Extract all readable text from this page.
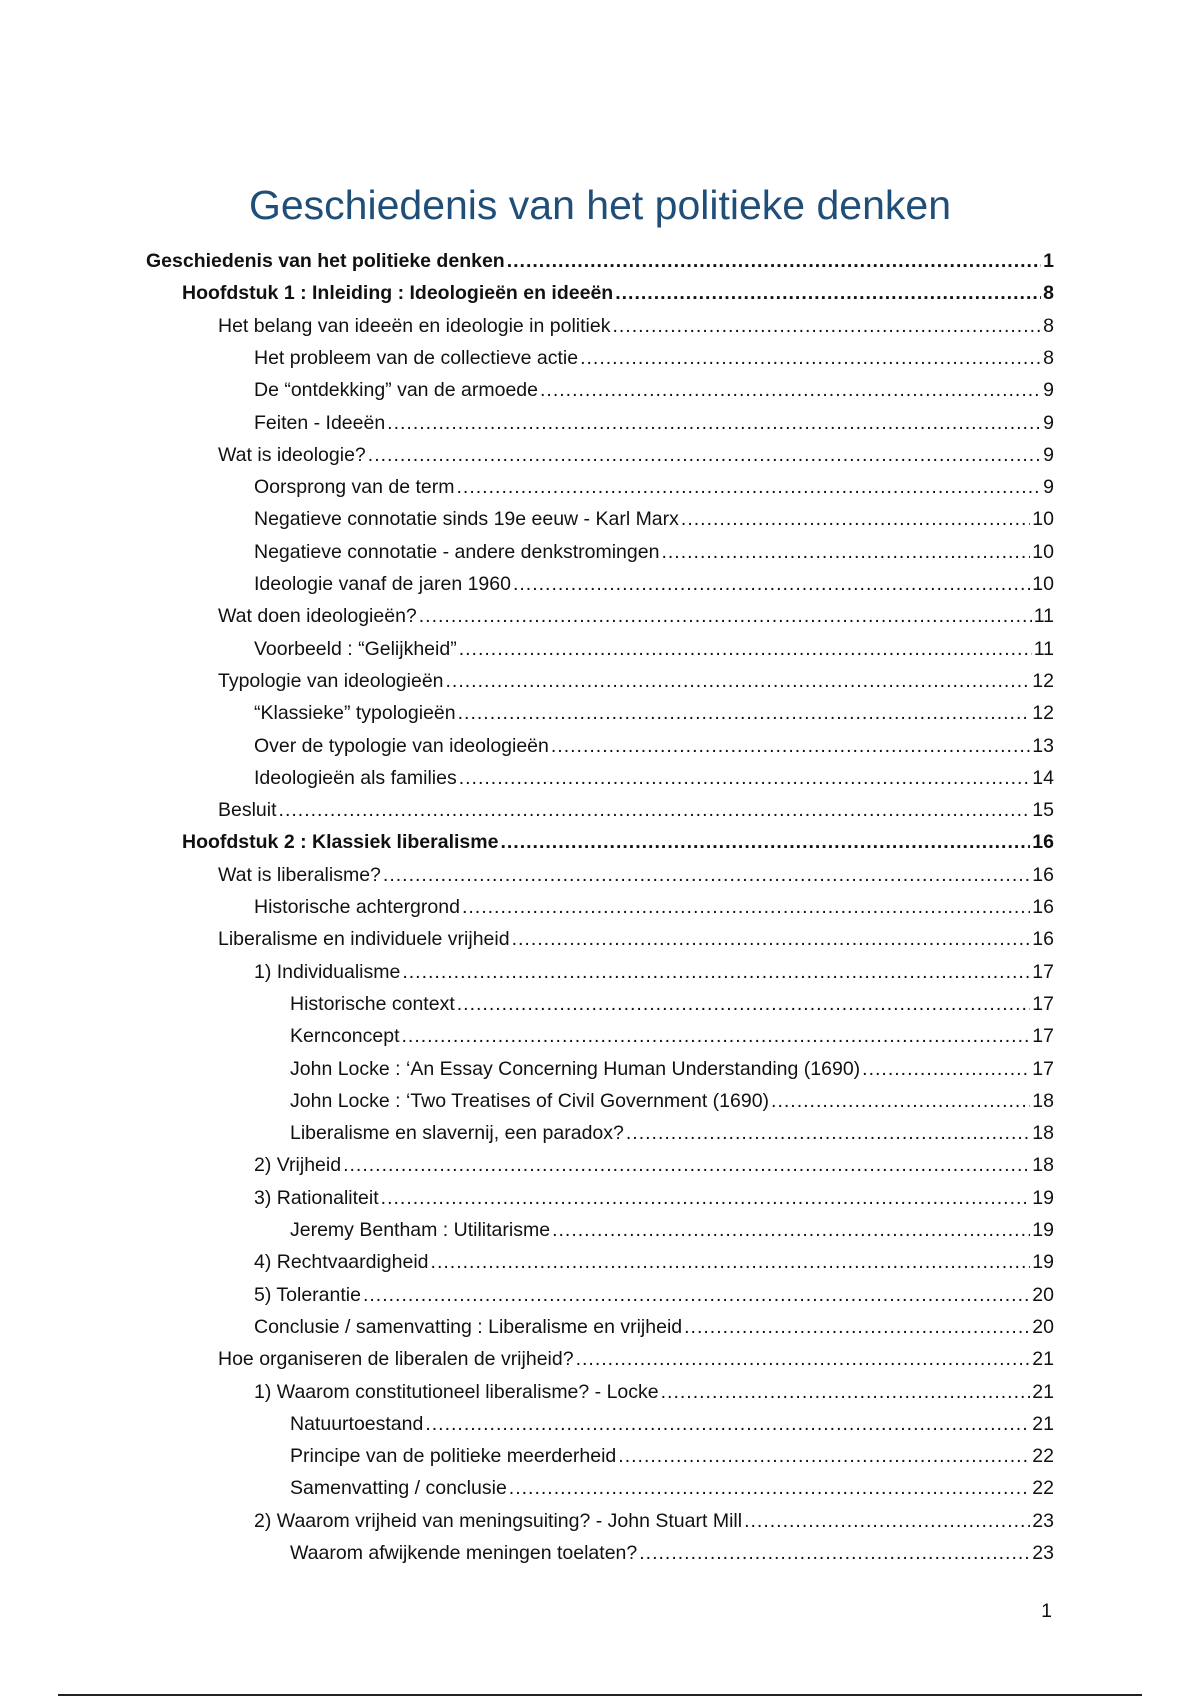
Geschiedenis van het politieke denken
Geschiedenis van het politieke denken .....	1
Hoofdstuk 1 : Inleiding : Ideologieën en ideeën .....	8
Het belang van ideeën en ideologie in politiek .....	8
Het probleem van de collectieve actie .....	8
De “ontdekking” van de armoede .....	9
Feiten - Ideeën .....	9
Wat is ideologie? .....	9
Oorsprong van de term .....	9
Negatieve connotatie sinds 19e eeuw - Karl Marx .....	10
Negatieve connotatie - andere denkstromingen .....	10
Ideologie vanaf de jaren 1960 .....	10
Wat doen ideologieën? .....	11
Voorbeeld : “Gelijkheid” .....	11
Typologie van ideologieën .....	12
“Klassieke” typologieën .....	12
Over de typologie van ideologieën .....	13
Ideologieën als families .....	14
Besluit .....	15
Hoofdstuk 2 : Klassiek liberalisme .....	16
Wat is liberalisme? .....	16
Historische achtergrond .....	16
Liberalisme en individuele vrijheid .....	16
1) Individualisme .....	17
Historische context .....	17
Kernconcept .....	17
John Locke : ‘An Essay Concerning Human Understanding (1690) .....	17
John Locke : ‘Two Treatises of Civil Government (1690) .....	18
Liberalisme en slavernij, een paradox? .....	18
2) Vrijheid .....	18
3) Rationaliteit .....	19
Jeremy Bentham : Utilitarisme .....	19
4) Rechtvaardigheid .....	19
5) Tolerantie .....	20
Conclusie / samenvatting : Liberalisme en vrijheid .....	20
Hoe organiseren de liberalen de vrijheid? .....	21
1) Waarom constitutioneel liberalisme? - Locke .....	21
Natuurtoestand .....	21
Principe van de politieke meerderheid .....	22
Samenvatting / conclusie .....	22
2) Waarom vrijheid van meningsuiting? - John Stuart Mill .....	23
Waarom afwijkende meningen toelaten? .....	23
1
